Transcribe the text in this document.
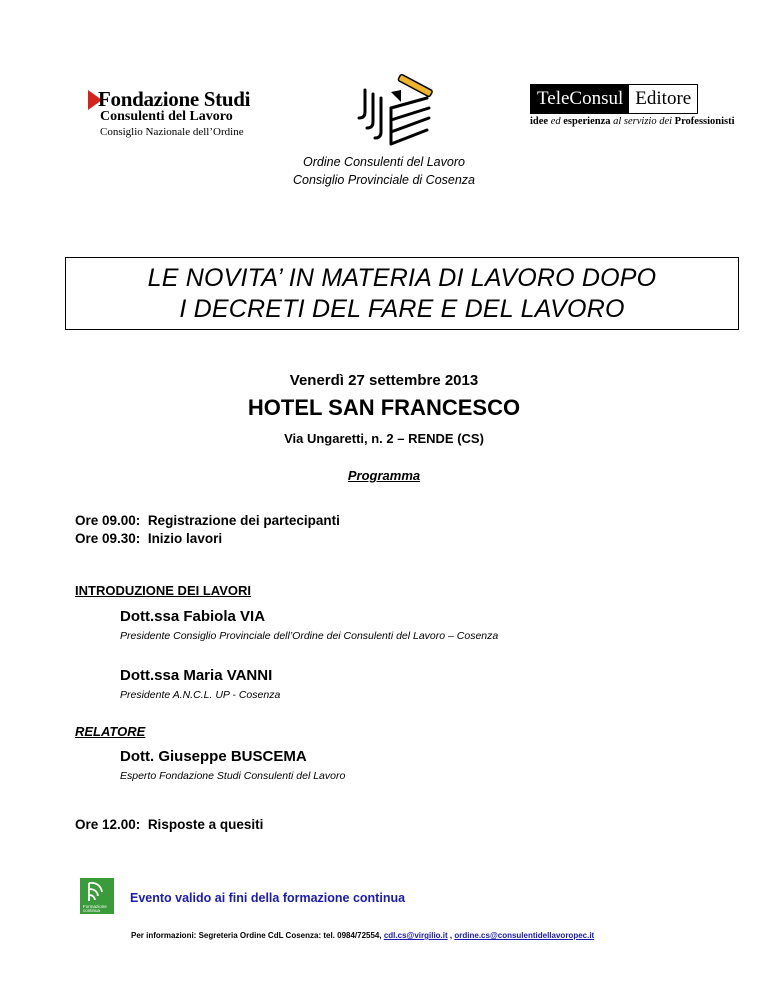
Fondazione Studi
Consulenti del Lavoro
Consiglio Nazionale dell’Ordine
TeleConsul Editore
idee ed esperienza al servizio dei Professionisti
Ordine Consulenti del Lavoro
Consiglio Provinciale di Cosenza
LE NOVITA’ IN MATERIA DI LAVORO DOPO
I DECRETI DEL FARE E DEL LAVORO
Venerdì 27 settembre 2013
HOTEL SAN FRANCESCO
Via Ungaretti, n. 2 – RENDE (CS)
Programma
Ore 09.00: Registrazione dei partecipanti
Ore 09.30: Inizio lavori
INTRODUZIONE DEI LAVORI
Dott.ssa Fabiola VIA
Presidente Consiglio Provinciale dell’Ordine dei Consulenti del Lavoro – Cosenza
Dott.ssa Maria VANNI
Presidente A.N.C.L. UP - Cosenza
RELATORE
Dott. Giuseppe BUSCEMA
Esperto Fondazione Studi Consulenti del Lavoro
Ore 12.00: Risposte a quesiti
Formazione
continua
Evento valido ai fini della formazione continua
Per informazioni: Segreteria Ordine CdL Cosenza: tel. 0984/72554, cdl.cs@virgilio.it , ordine.cs@consulentidellavoropec.it
